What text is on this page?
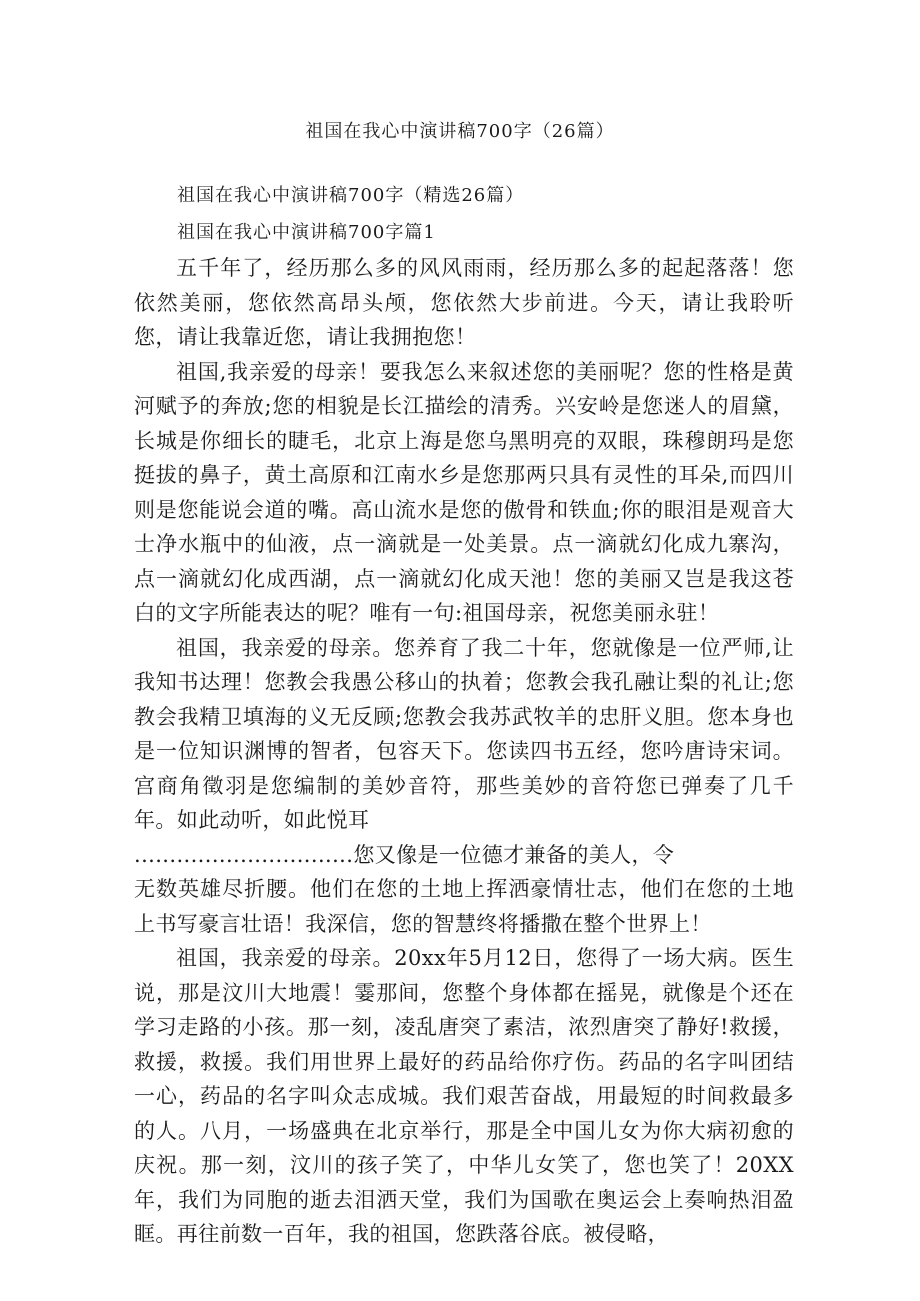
祖国在我心中演讲稿700字（26篇）
祖国在我心中演讲稿700字（精选26篇）
祖国在我心中演讲稿700字篇1

五千年了，经历那么多的风风雨雨，经历那么多的起起落落！您依然美丽，您依然高昂头颅，您依然大步前进。今天，请让我聆听您，请让我靠近您，请让我拥抱您！

祖国,我亲爱的母亲！要我怎么来叙述您的美丽呢？您的性格是黄河赋予的奔放;您的相貌是长江描绘的清秀。兴安岭是您迷人的眉黛，长城是你细长的睫毛，北京上海是您乌黑明亮的双眼，珠穆朗玛是您挺拔的鼻子，黄土高原和江南水乡是您那两只具有灵性的耳朵,而四川则是您能说会道的嘴。高山流水是您的傲骨和铁血;你的眼泪是观音大士净水瓶中的仙液，点一滴就是一处美景。点一滴就幻化成九寨沟，点一滴就幻化成西湖，点一滴就幻化成天池！您的美丽又岂是我这苍白的文字所能表达的呢？唯有一句:祖国母亲，祝您美丽永驻！

祖国，我亲爱的母亲。您养育了我二十年，您就像是一位严师,让我知书达理！您教会我愚公移山的执着；您教会我孔融让梨的礼让;您教会我精卫填海的义无反顾;您教会我苏武牧羊的忠肝义胆。您本身也是一位知识渊博的智者，包容天下。您读四书五经，您吟唐诗宋词。宫商角徵羽是您编制的美妙音符，那些美妙的音符您已弹奏了几千年。如此动听，如此悦耳

...............................您又像是一位德才兼备的美人，令

无数英雄尽折腰。他们在您的土地上挥洒豪情壮志，他们在您的土地上书写豪言壮语！我深信，您的智慧终将播撒在整个世界上！

祖国，我亲爱的母亲。20xx年5月12日，您得了一场大病。医生说，那是汶川大地震！霎那间，您整个身体都在摇晃，就像是个还在学习走路的小孩。那一刻，凌乱唐突了素洁，浓烈唐突了静好!救援，救援，救援。我们用世界上最好的药品给你疗伤。药品的名字叫团结一心，药品的名字叫众志成城。我们艰苦奋战，用最短的时间救最多的人。八月，一场盛典在北京举行，那是全中国儿女为你大病初愈的庆祝。那一刻，汶川的孩子笑了，中华儿女笑了，您也笑了！20XX年，我们为同胞的逝去泪洒天堂，我们为国歌在奥运会上奏响热泪盈眶。再往前数一百年，我的祖国，您跌落谷底。被侵略，
